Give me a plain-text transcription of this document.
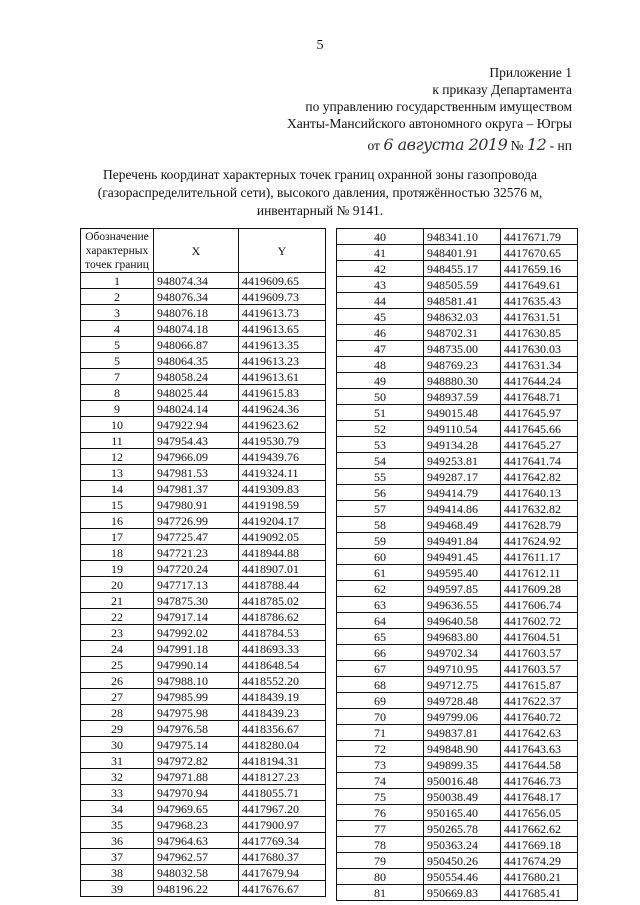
5
Приложение 1
к приказу Департамента
по управлению государственным имуществом
Ханты-Мансийского автономного округа – Югры
от 6 августа 2019 № 12 - нп
Перечень координат характерных точек границ охранной зоны газопровода
(газораспределительной сети), высокого давления, протяжённостью 32576 м,
инвентарный № 9141.
Обозначение характерных точек границ	X	Y
1	948074.34	4419609.65
2	948076.34	4419609.73
3	948076.18	4419613.73
4	948074.18	4419613.65
5	948066.87	4419613.35
5	948064.35	4419613.23
7	948058.24	4419613.61
8	948025.44	4419615.83
9	948024.14	4419624.36
10	947922.94	4419623.62
11	947954.43	4419530.79
12	947966.09	4419439.76
13	947981.53	4419324.11
14	947981.37	4419309.83
15	947980.91	4419198.59
16	947726.99	4419204.17
17	947725.47	4419092.05
18	947721.23	4418944.88
19	947720.24	4418907.01
20	947717.13	4418788.44
21	947875.30	4418785.02
22	947917.14	4418786.62
23	947992.02	4418784.53
24	947991.18	4418693.33
25	947990.14	4418648.54
26	947988.10	4418552.20
27	947985.99	4418439.19
28	947975.98	4418439.23
29	947976.58	4418356.67
30	947975.14	4418280.04
31	947972.82	4418194.31
32	947971.88	4418127.23
33	947970.94	4418055.71
34	947969.65	4417967.20
35	947968.23	4417900.97
36	947964.63	4417769.34
37	947962.57	4417680.37
38	948032.58	4417679.94
39	948196.22	4417676.67
40	948341.10	4417671.79
41	948401.91	4417670.65
42	948455.17	4417659.16
43	948505.59	4417649.61
44	948581.41	4417635.43
45	948632.03	4417631.51
46	948702.31	4417630.85
47	948735.00	4417630.03
48	948769.23	4417631.34
49	948880.30	4417644.24
50	948937.59	4417648.71
51	949015.48	4417645.97
52	949110.54	4417645.66
53	949134.28	4417645.27
54	949253.81	4417641.74
55	949287.17	4417642.82
56	949414.79	4417640.13
57	949414.86	4417632.82
58	949468.49	4417628.79
59	949491.84	4417624.92
60	949491.45	4417611.17
61	949595.40	4417612.11
62	949597.85	4417609.28
63	949636.55	4417606.74
64	949640.58	4417602.72
65	949683.80	4417604.51
66	949702.34	4417603.57
67	949710.95	4417603.57
68	949712.75	4417615.87
69	949728.48	4417622.37
70	949799.06	4417640.72
71	949837.81	4417642.63
72	949848.90	4417643.63
73	949899.35	4417644.58
74	950016.48	4417646.73
75	950038.49	4417648.17
76	950165.40	4417656.05
77	950265.78	4417662.62
78	950363.24	4417669.18
79	950450.26	4417674.29
80	950554.46	4417680.21
81	950669.83	4417685.41
